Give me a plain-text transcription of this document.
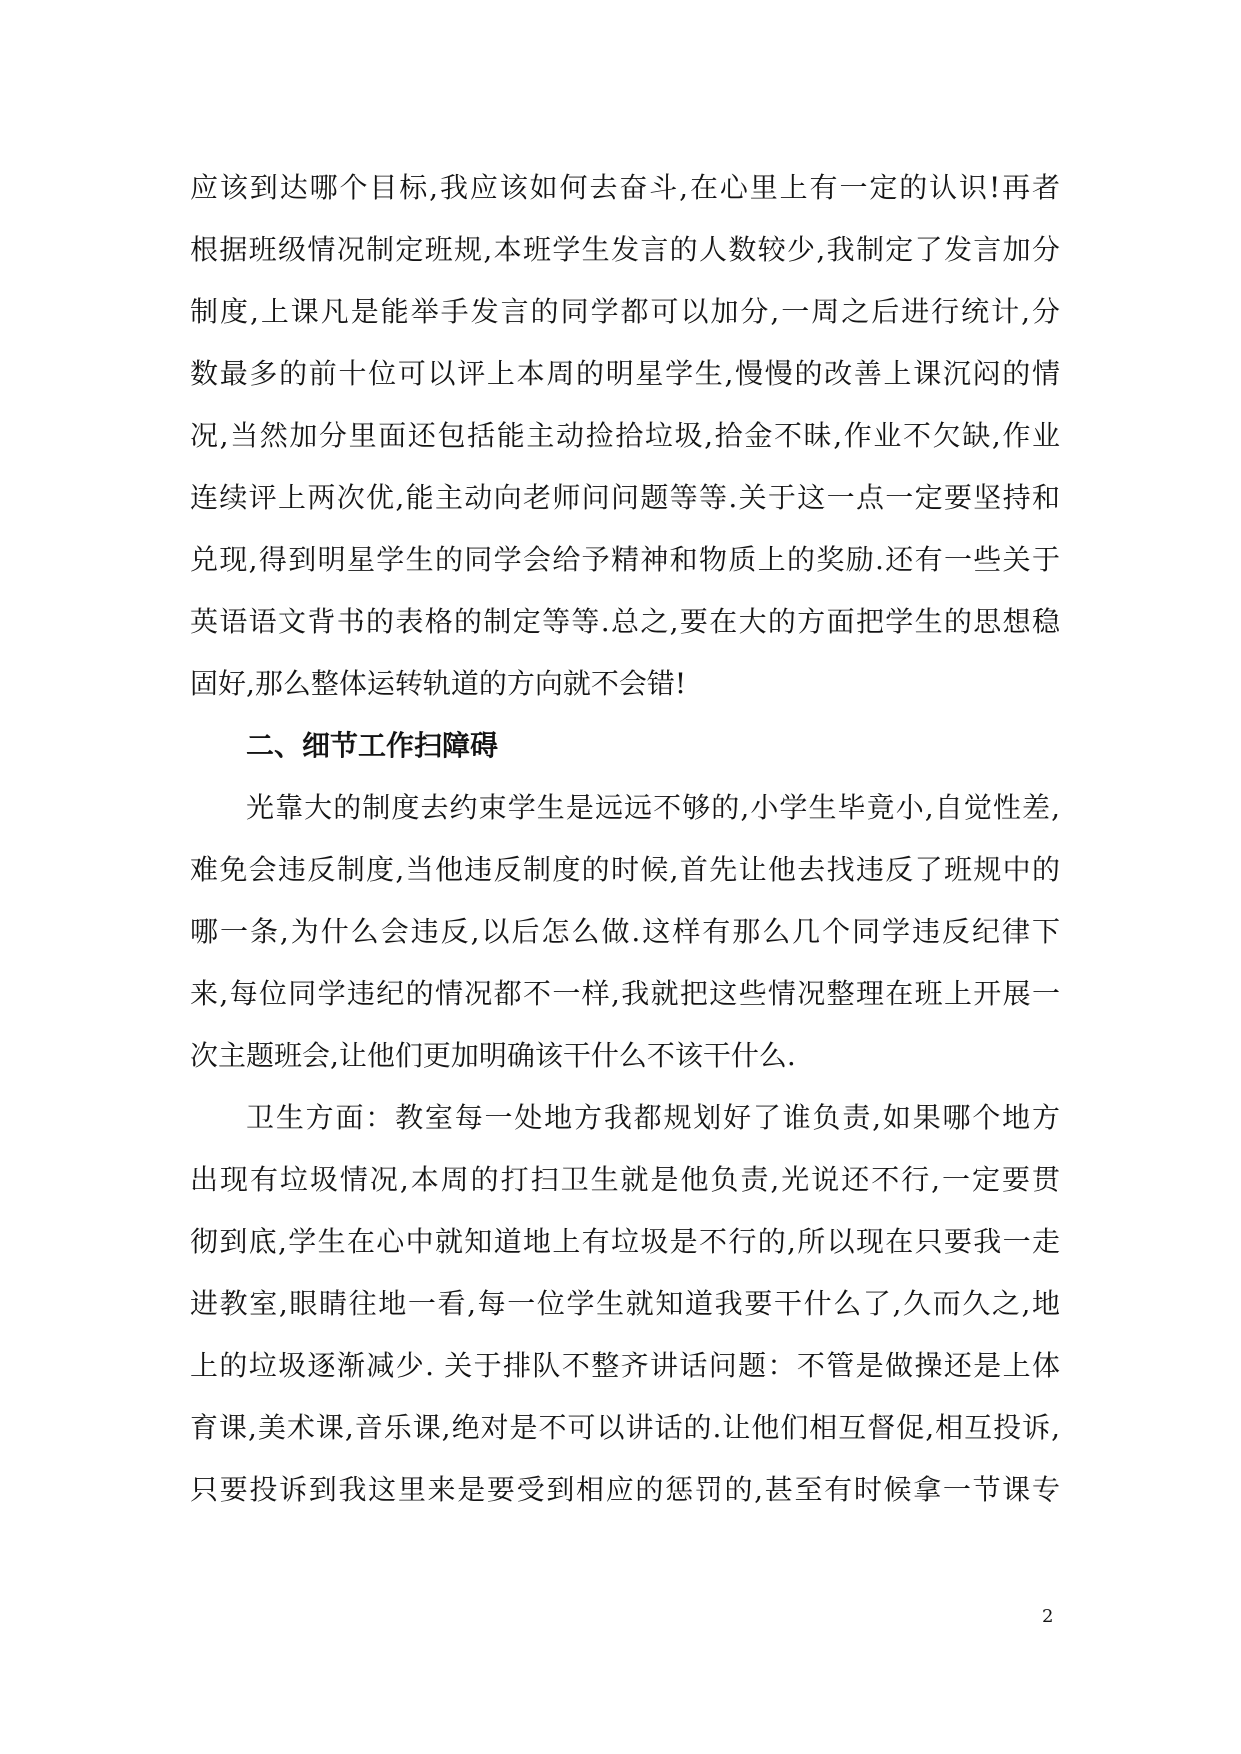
应该到达哪个目标,我应该如何去奋斗,在心里上有一定的认识!再者
根据班级情况制定班规,本班学生发言的人数较少,我制定了发言加分
制度,上课凡是能举手发言的同学都可以加分,一周之后进行统计,分
数最多的前十位可以评上本周的明星学生,慢慢的改善上课沉闷的情
况,当然加分里面还包括能主动捡拾垃圾,拾金不昧,作业不欠缺,作业
连续评上两次优,能主动向老师问问题等等.关于这一点一定要坚持和
兑现,得到明星学生的同学会给予精神和物质上的奖励.还有一些关于
英语语文背书的表格的制定等等.总之,要在大的方面把学生的思想稳
固好,那么整体运转轨道的方向就不会错!
二、细节工作扫障碍
光靠大的制度去约束学生是远远不够的,小学生毕竟小,自觉性差,
难免会违反制度,当他违反制度的时候,首先让他去找违反了班规中的
哪一条,为什么会违反,以后怎么做.这样有那么几个同学违反纪律下
来,每位同学违纪的情况都不一样,我就把这些情况整理在班上开展一
次主题班会,让他们更加明确该干什么不该干什么.
卫生方面：教室每一处地方我都规划好了谁负责,如果哪个地方
出现有垃圾情况,本周的打扫卫生就是他负责,光说还不行,一定要贯
彻到底,学生在心中就知道地上有垃圾是不行的,所以现在只要我一走
进教室,眼睛往地一看,每一位学生就知道我要干什么了,久而久之,地
上的垃圾逐渐减少. 关于排队不整齐讲话问题：不管是做操还是上体
育课,美术课,音乐课,绝对是不可以讲话的.让他们相互督促,相互投诉,
只要投诉到我这里来是要受到相应的惩罚的,甚至有时候拿一节课专
2
